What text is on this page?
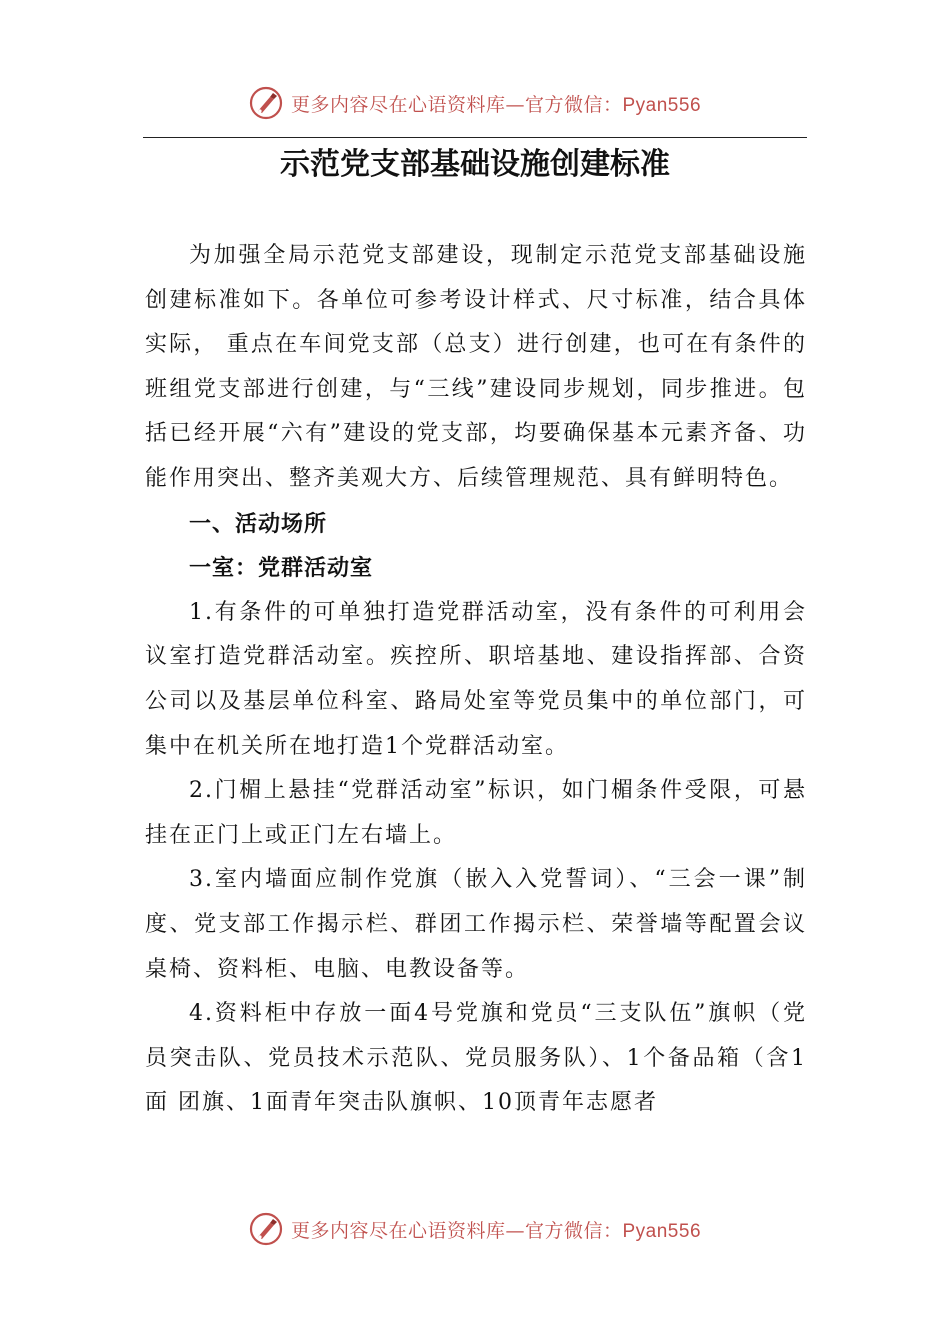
更多内容尽在心语资料库—官方微信：Pyan556
示范党支部基础设施创建标准

为加强全局示范党支部建设，现制定示范党支部基础设施创建标准如下。各单位可参考设计样式、尺寸标准，结合具体实际， 重点在车间党支部（总支）进行创建，也可在有条件的班组党支部进行创建，与“三线”建设同步规划，同步推进。包括已经开展“六有”建设的党支部，均要确保基本元素齐备、功能作用突出、整齐美观大方、后续管理规范、具有鲜明特色。

一、活动场所

一室：党群活动室

1.有条件的可单独打造党群活动室，没有条件的可利用会议室打造党群活动室。疾控所、职培基地、建设指挥部、合资公司以及基层单位科室、路局处室等党员集中的单位部门，可集中在机关所在地打造1个党群活动室。

2.门楣上悬挂“党群活动室”标识，如门楣条件受限，可悬挂在正门上或正门左右墙上。

3.室内墙面应制作党旗（嵌入入党誓词）、“三会一课”制度、党支部工作揭示栏、群团工作揭示栏、荣誉墙等配置会议桌椅、资料柜、电脑、电教设备等。

4.资料柜中存放一面4号党旗和党员“三支队伍”旗帜（党员突击队、党员技术示范队、党员服务队）、1个备品箱（含1面 团旗、1面青年突击队旗帜、10顶青年志愿者

更多内容尽在心语资料库—官方微信：Pyan556
